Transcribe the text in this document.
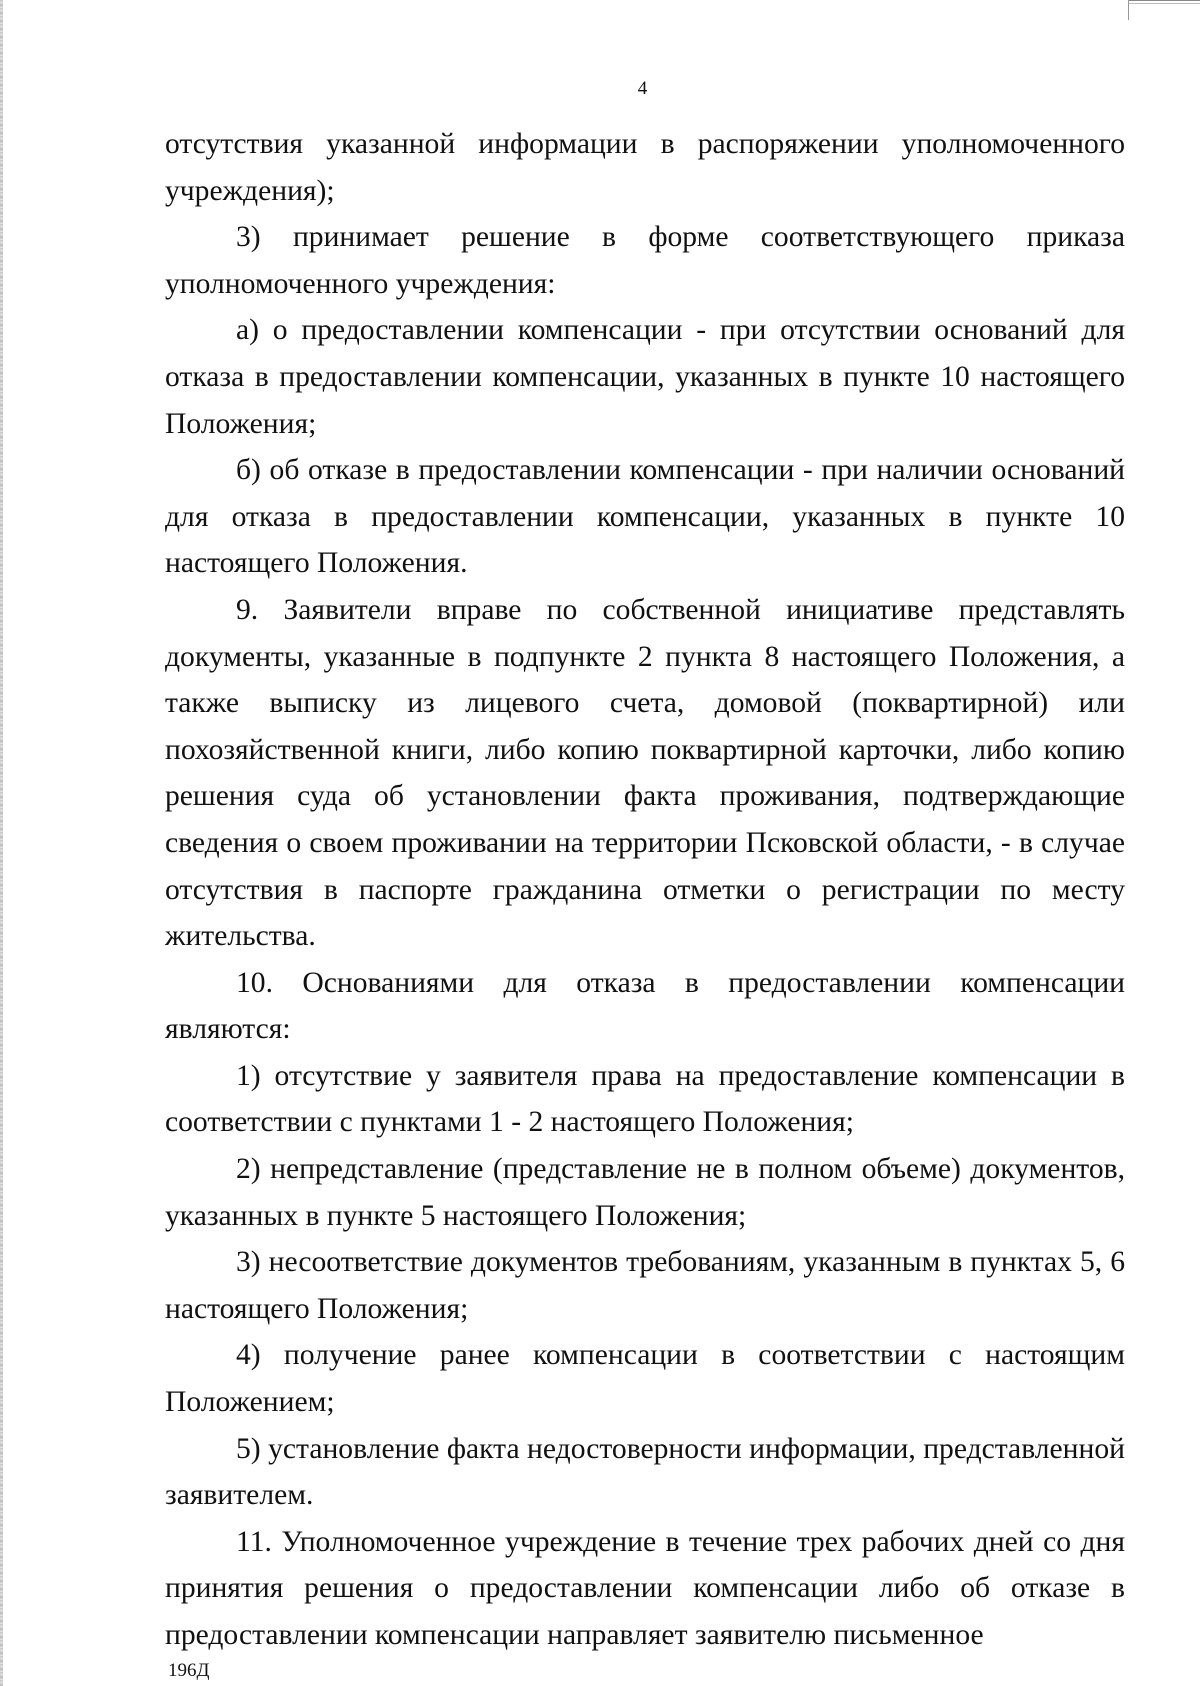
4

отсутствия указанной информации в распоряжении уполномоченного учреждения);

3) принимает решение в форме соответствующего приказа уполномоченного учреждения:

а) о предоставлении компенсации - при отсутствии оснований для отказа в предоставлении компенсации, указанных в пункте 10 настоящего Положения;

б) об отказе в предоставлении компенсации - при наличии оснований для отказа в предоставлении компенсации, указанных в пункте 10 настоящего Положения.

9. Заявители вправе по собственной инициативе представлять документы, указанные в подпункте 2 пункта 8 настоящего Положения, а также выписку из лицевого счета, домовой (поквартирной) или похозяйственной книги, либо копию поквартирной карточки, либо копию решения суда об установлении факта проживания, подтверждающие сведения о своем проживании на территории Псковской области, - в случае отсутствия в паспорте гражданина отметки о регистрации по месту жительства.

10. Основаниями для отказа в предоставлении компенсации являются:

1) отсутствие у заявителя права на предоставление компенсации в соответствии с пунктами 1 - 2 настоящего Положения;

2) непредставление (представление не в полном объеме) документов, указанных в пункте 5 настоящего Положения;

3) несоответствие документов требованиям, указанным в пунктах 5, 6 настоящего Положения;

4) получение ранее компенсации в соответствии с настоящим Положением;

5) установление факта недостоверности информации, представленной заявителем.

11. Уполномоченное учреждение в течение трех рабочих дней со дня принятия решения о предоставлении компенсации либо об отказе в предоставлении компенсации направляет заявителю письменное

196Д
